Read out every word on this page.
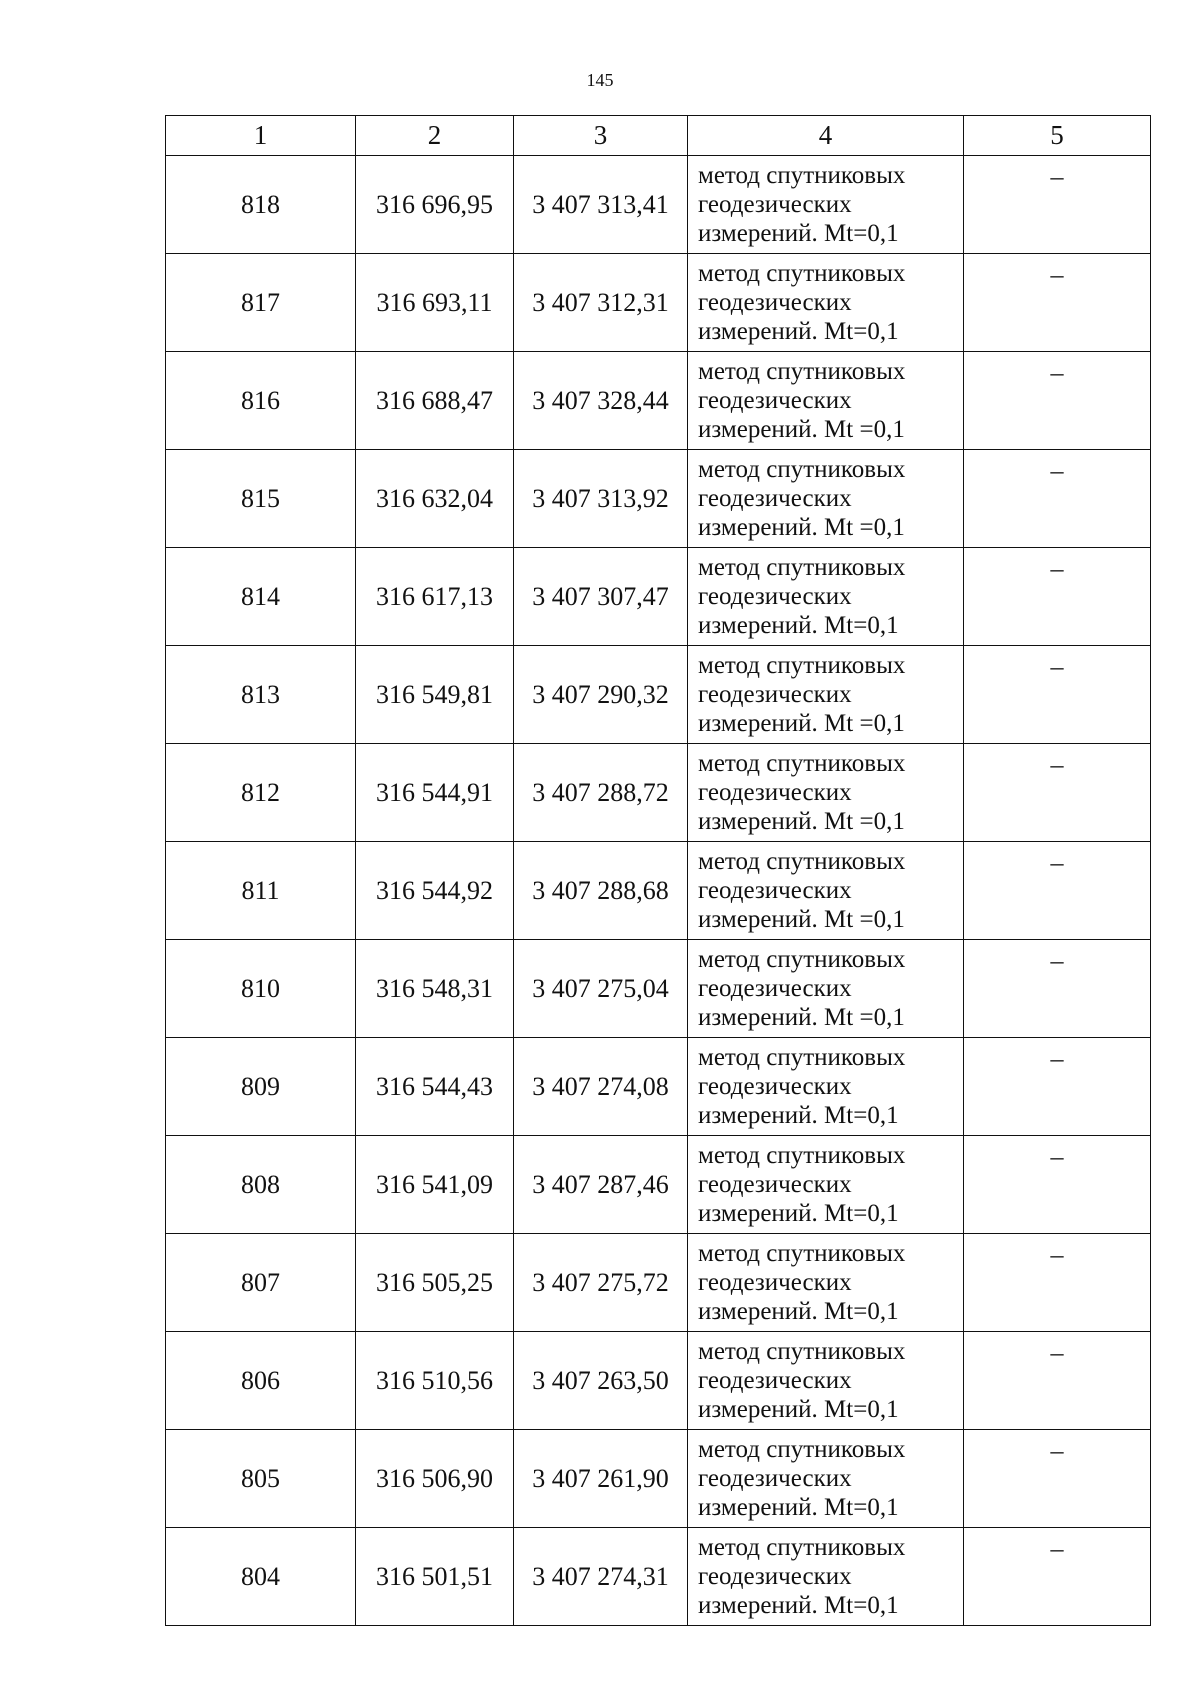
145
1	2	3	4	5
818	316 696,95	3 407 313,41	метод спутниковых
геодезических
измерений. Mt=0,1	–
817	316 693,11	3 407 312,31	метод спутниковых
геодезических
измерений. Mt=0,1	–
816	316 688,47	3 407 328,44	метод спутниковых
геодезических
измерений. Mt =0,1	–
815	316 632,04	3 407 313,92	метод спутниковых
геодезических
измерений. Mt =0,1	–
814	316 617,13	3 407 307,47	метод спутниковых
геодезических
измерений. Mt=0,1	–
813	316 549,81	3 407 290,32	метод спутниковых
геодезических
измерений. Mt =0,1	–
812	316 544,91	3 407 288,72	метод спутниковых
геодезических
измерений. Mt =0,1	–
811	316 544,92	3 407 288,68	метод спутниковых
геодезических
измерений. Mt =0,1	–
810	316 548,31	3 407 275,04	метод спутниковых
геодезических
измерений. Mt =0,1	–
809	316 544,43	3 407 274,08	метод спутниковых
геодезических
измерений. Mt=0,1	–
808	316 541,09	3 407 287,46	метод спутниковых
геодезических
измерений. Mt=0,1	–
807	316 505,25	3 407 275,72	метод спутниковых
геодезических
измерений. Mt=0,1	–
806	316 510,56	3 407 263,50	метод спутниковых
геодезических
измерений. Mt=0,1	–
805	316 506,90	3 407 261,90	метод спутниковых
геодезических
измерений. Mt=0,1	–
804	316 501,51	3 407 274,31	метод спутниковых
геодезических
измерений. Mt=0,1	–
